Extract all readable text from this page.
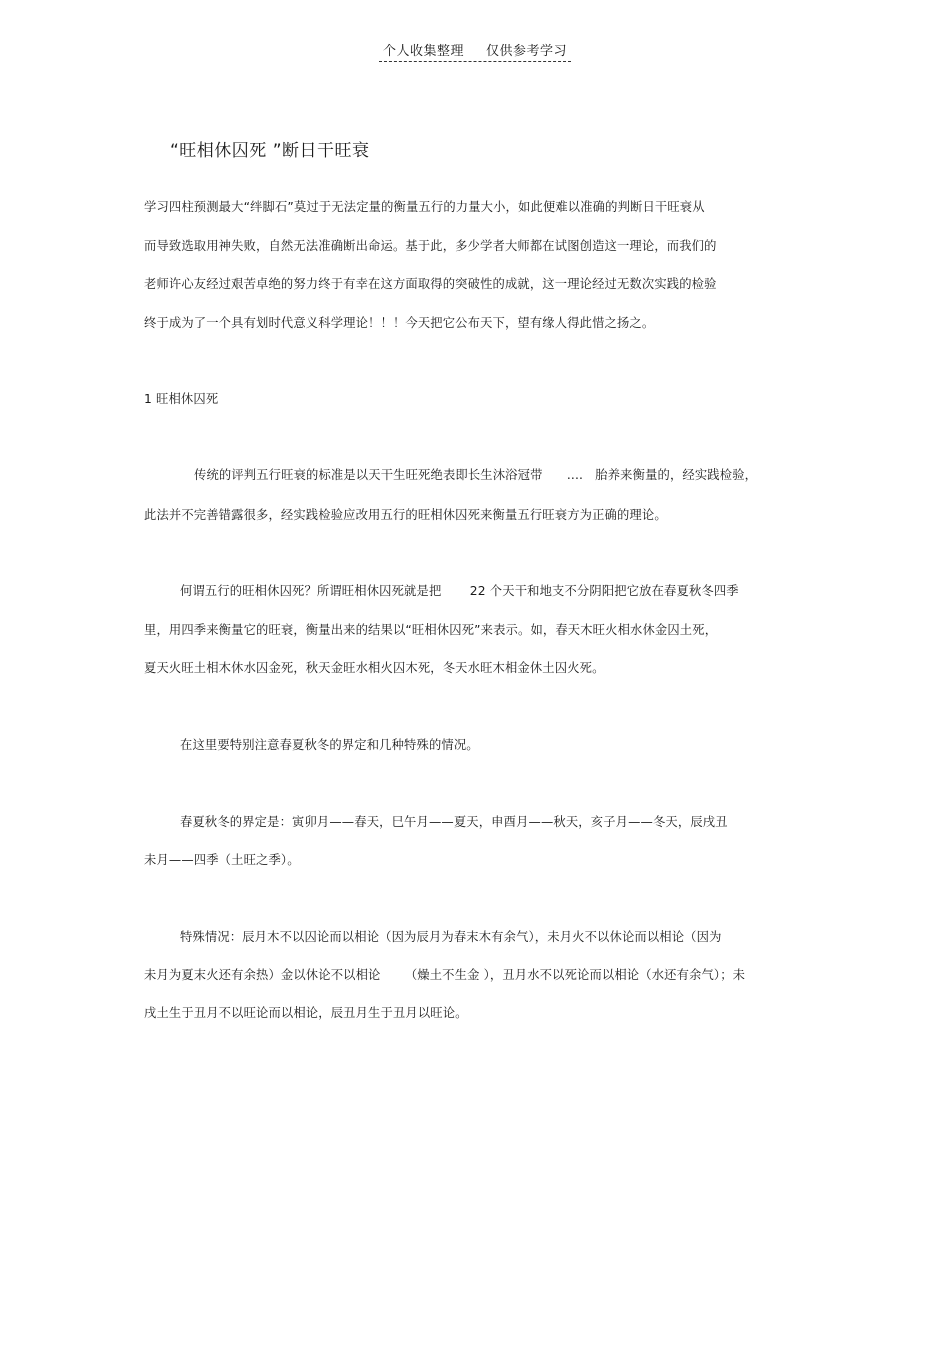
个人收集整理 仅供参考学习
“旺相休囚死 ”断日干旺衰
学习四柱预测最大“绊脚石”莫过于无法定量的衡量五行的力量大小，如此便难以准确的判断日干旺衰从
而导致选取用神失败，自然无法准确断出命运。基于此，多少学者大师都在试图创造这一理论，而我们的
老师许心友经过艰苦卓绝的努力终于有幸在这方面取得的突破性的成就，这一理论经过无数次实践的检验
终于成为了一个具有划时代意义科学理论！！！今天把它公布天下，望有缘人得此惜之扬之。
1 旺相休囚死
传统的评判五行旺衰的标准是以天干生旺死绝表即长生沐浴冠带      ....   胎养来衡量的，经实践检验，
此法并不完善错露很多，经实践检验应改用五行的旺相休囚死来衡量五行旺衰方为正确的理论。
何谓五行的旺相休囚死？所谓旺相休囚死就是把       22 个天干和地支不分阴阳把它放在春夏秋冬四季
里，用四季来衡量它的旺衰，衡量出来的结果以“旺相休囚死”来表示。如，春天木旺火相水休金囚土死，
夏天火旺土相木休水囚金死，秋天金旺水相火囚木死，冬天水旺木相金休土囚火死。
在这里要特别注意春夏秋冬的界定和几种特殊的情况。
春夏秋冬的界定是：寅卯月——春天，巳午月——夏天，申酉月——秋天，亥子月——冬天，辰戌丑
未月——四季（土旺之季）。
特殊情况：辰月木不以囚论而以相论（因为辰月为春末木有余气），未月火不以休论而以相论（因为
未月为夏末火还有余热）金以休论不以相论      （燥土不生金 ），丑月水不以死论而以相论（水还有余气）；未
戌土生于丑月不以旺论而以相论，辰丑月生于丑月以旺论。
